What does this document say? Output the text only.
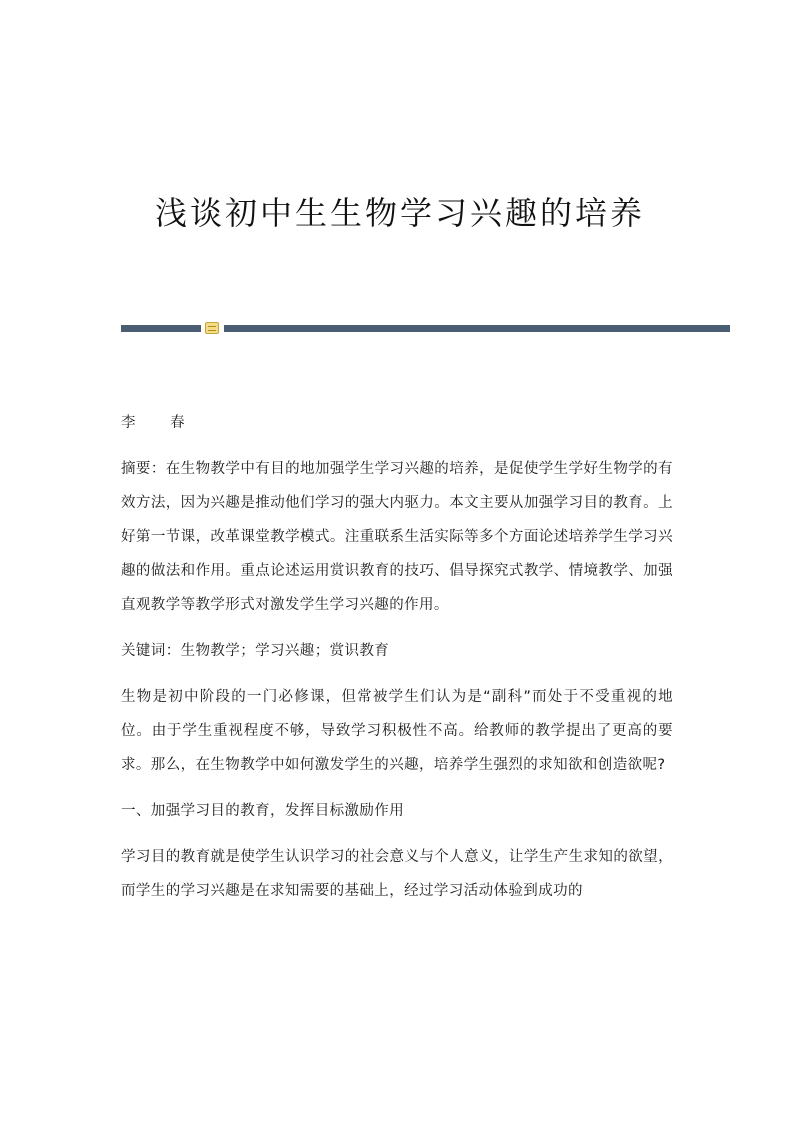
浅谈初中生生物学习兴趣的培养

李 春

摘要：在生物教学中有目的地加强学生学习兴趣的培养，是促使学生学好生物学的有效方法，因为兴趣是推动他们学习的强大内驱力。本文主要从加强学习目的教育。上好第一节课，改革课堂教学模式。注重联系生活实际等多个方面论述培养学生学习兴趣的做法和作用。重点论述运用赏识教育的技巧、倡导探究式教学、情境教学、加强直观教学等教学形式对激发学生学习兴趣的作用。

关键词：生物教学；学习兴趣；赏识教育

生物是初中阶段的一门必修课，但常被学生们认为是“副科”而处于不受重视的地位。由于学生重视程度不够，导致学习积极性不高。给教师的教学提出了更高的要求。那么，在生物教学中如何激发学生的兴趣，培养学生强烈的求知欲和创造欲呢?

一、加强学习目的教育，发挥目标激励作用

学习目的教育就是使学生认识学习的社会意义与个人意义，让学生产生求知的欲望，而学生的学习兴趣是在求知需要的基础上，经过学习活动体验到成功的
